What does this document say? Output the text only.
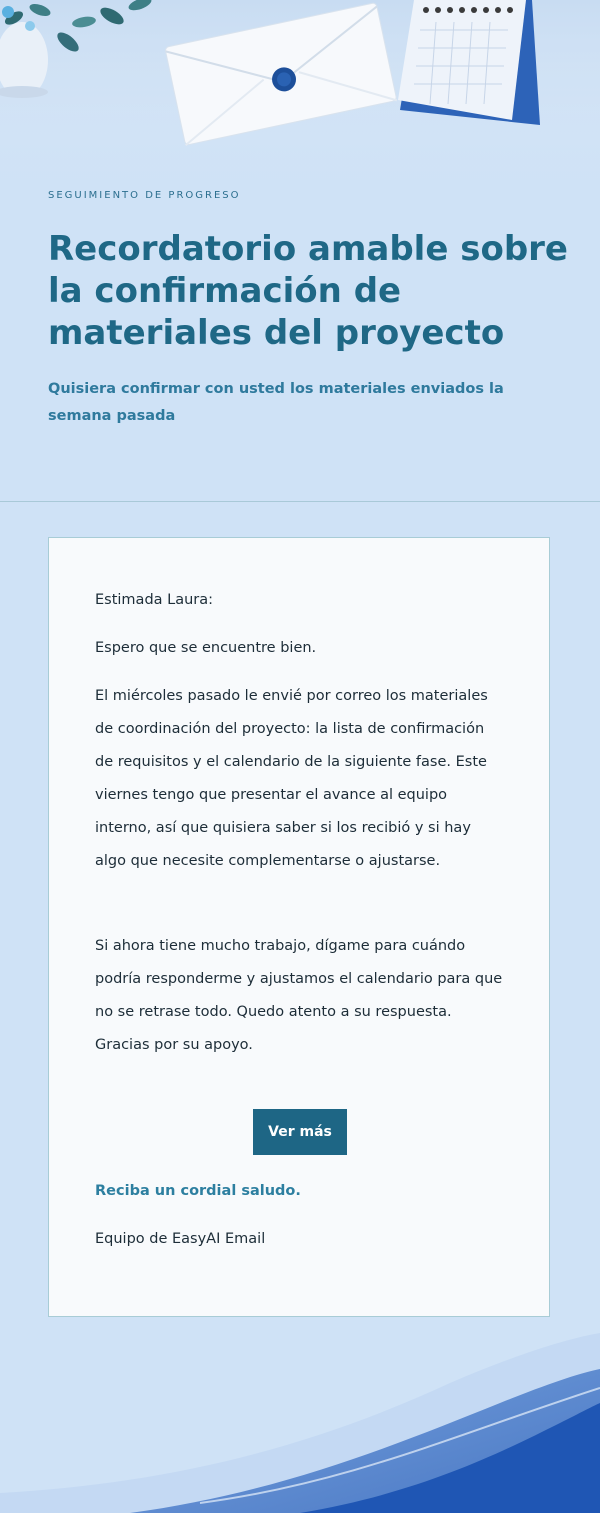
SEGUIMIENTO DE PROGRESO
Recordatorio amable sobre la confirmación de materiales del proyecto

Quisiera confirmar con usted los materiales enviados la semana pasada

Estimada Laura:

Espero que se encuentre bien.

El miércoles pasado le envié por correo los materiales de coordinación del proyecto: la lista de confirmación de requisitos y el calendario de la siguiente fase. Este viernes tengo que presentar el avance al equipo interno, así que quisiera saber si los recibió y si hay algo que necesite complementarse o ajustarse.

Si ahora tiene mucho trabajo, dígame para cuándo podría responderme y ajustamos el calendario para que no se retrase todo. Quedo atento a su respuesta. Gracias por su apoyo.

Ver más
Reciba un cordial saludo.
Equipo de EasyAI Email
